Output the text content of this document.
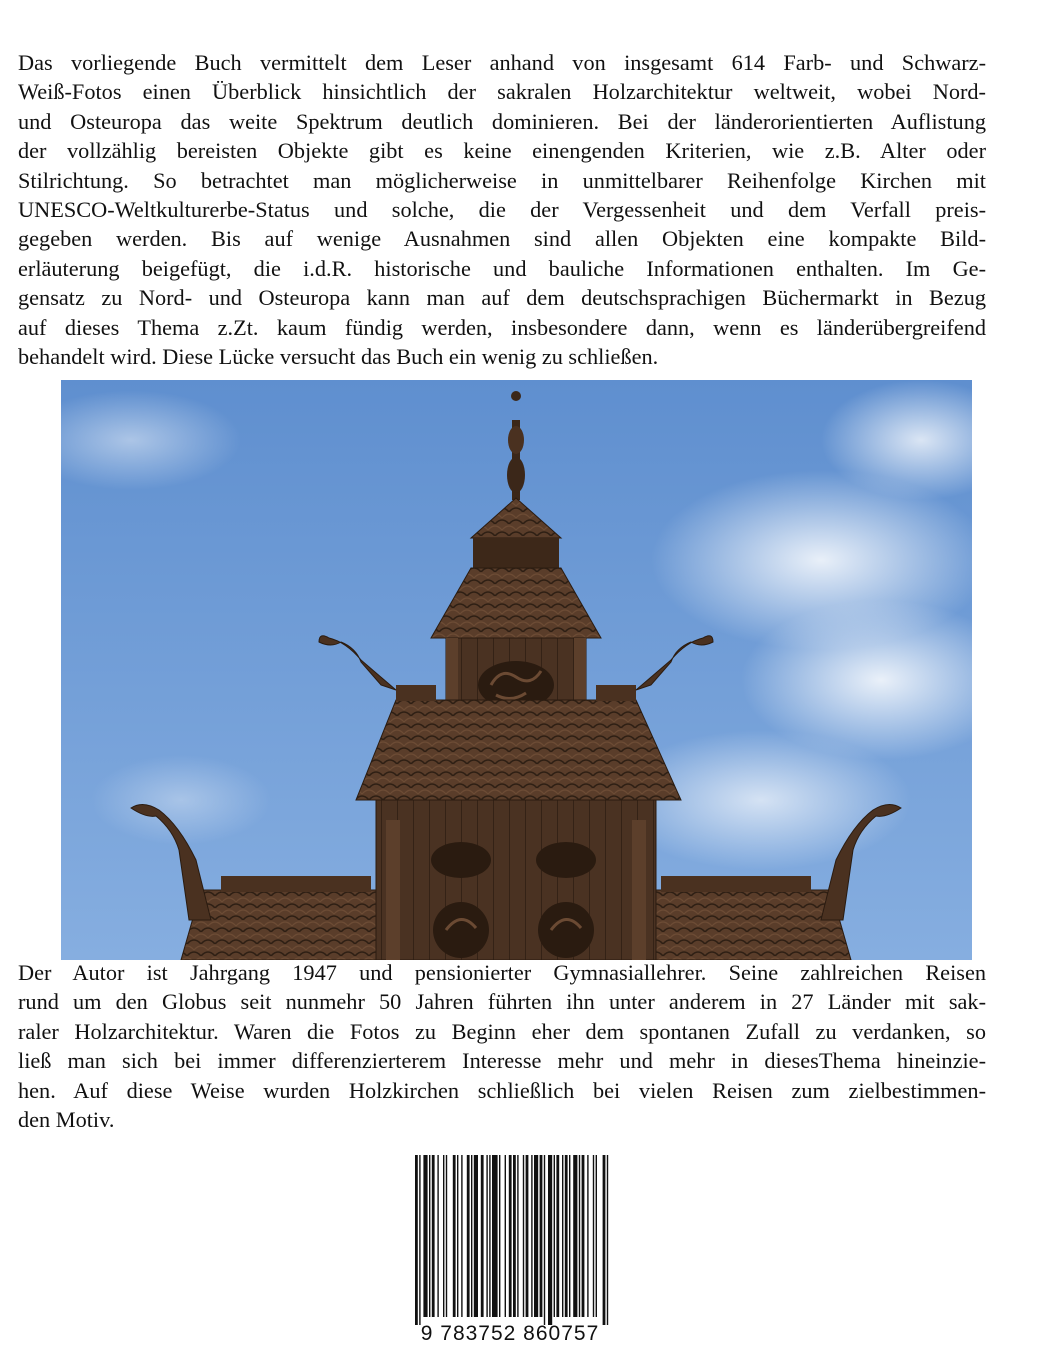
Das vorliegende Buch vermittelt dem Leser anhand von insgesamt 614 Farb- und Schwarz-
Weiß-Fotos einen Überblick hinsichtlich der sakralen Holzarchitektur weltweit, wobei Nord-
und Osteuropa das weite Spektrum deutlich dominieren. Bei der länderorientierten Auflistung
der vollzählig bereisten Objekte gibt es keine einengenden Kriterien, wie z.B. Alter oder
Stilrichtung. So betrachtet man möglicherweise in unmittelbarer Reihenfolge Kirchen mit
UNESCO-Weltkulturerbe-Status und solche, die der Vergessenheit und dem Verfall preis-
gegeben werden. Bis auf wenige Ausnahmen sind allen Objekten eine kompakte Bild-
erläuterung beigefügt, die i.d.R. historische und bauliche Informationen enthalten. Im Ge-
gensatz zu Nord- und Osteuropa kann man auf dem deutschsprachigen Büchermarkt in Bezug
auf dieses Thema z.Zt. kaum fündig werden, insbesondere dann, wenn es länderübergreifend
behandelt wird. Diese Lücke versucht das Buch ein wenig zu schließen.
Der Autor ist Jahrgang 1947 und pensionierter Gymnasiallehrer. Seine zahlreichen Reisen
rund um den Globus seit nunmehr 50 Jahren führten ihn unter anderem in 27 Länder mit sak-
raler Holzarchitektur. Waren die Fotos zu Beginn eher dem spontanen Zufall zu verdanken, so
ließ man sich bei immer differenzierterem Interesse mehr und mehr in diesesThema hineinzie-
hen. Auf diese Weise wurden Holzkirchen schließlich bei vielen Reisen zum zielbestimmen-
den Motiv.
9 783752 860757
